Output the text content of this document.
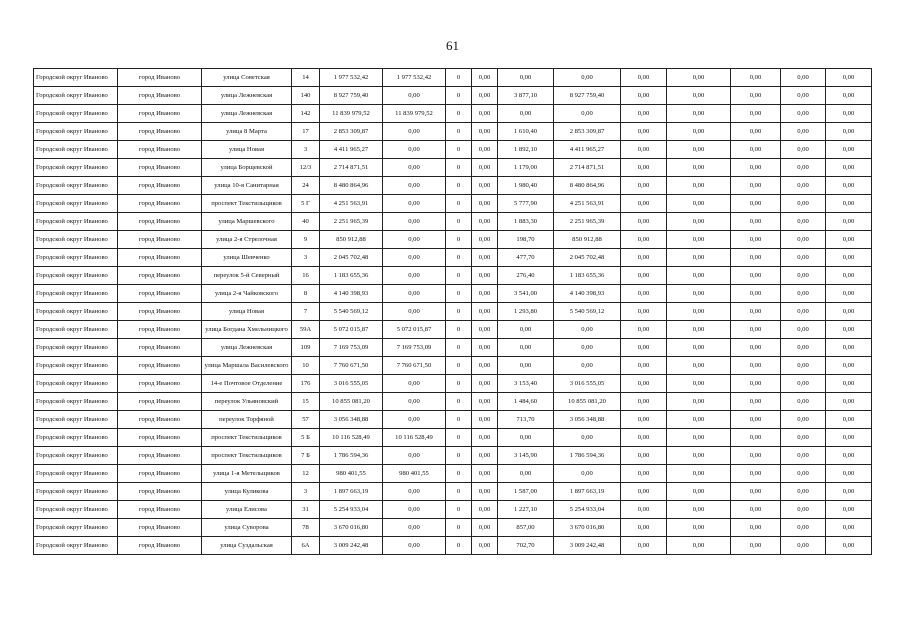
61
Городской округ Иваново	город Иваново	улица Советская	14	1 977 532,42	1 977 532,42	0	0,00	0,00	0,00	0,00	0,00	0,00	0,00	0,00
Городской округ Иваново	город Иваново	улица Лежневская	140	8 927 759,40	0,00	0	0,00	3 877,10	8 927 759,40	0,00	0,00	0,00	0,00	0,00
Городской округ Иваново	город Иваново	улица Лежневская	142	11 839 979,52	11 839 979,52	0	0,00	0,00	0,00	0,00	0,00	0,00	0,00	0,00
Городской округ Иваново	город Иваново	улица 8 Марта	17	2 853 309,87	0,00	0	0,00	1 610,40	2 853 309,87	0,00	0,00	0,00	0,00	0,00
Городской округ Иваново	город Иваново	улица Новая	3	4 411 965,27	0,00	0	0,00	1 892,10	4 411 965,27	0,00	0,00	0,00	0,00	0,00
Городской округ Иваново	город Иваново	улица Борщевской	12/3	2 714 871,51	0,00	0	0,00	1 179,00	2 714 871,51	0,00	0,00	0,00	0,00	0,00
Городской округ Иваново	город Иваново	улица 10-я Санитарная	24	8 480 864,96	0,00	0	0,00	1 980,40	8 480 864,96	0,00	0,00	0,00	0,00	0,00
Городской округ Иваново	город Иваново	проспект Текстильщиков	5 Г	4 251 563,91	0,00	0	0,00	5 777,90	4 251 563,91	0,00	0,00	0,00	0,00	0,00
Городской округ Иваново	город Иваново	улица Маршевского	40	2 251 965,39	0,00	0	0,00	1 883,30	2 251 965,39	0,00	0,00	0,00	0,00	0,00
Городской округ Иваново	город Иваново	улица 2-я Стрелочная	9	850 912,88	0,00	0	0,00	198,70	850 912,88	0,00	0,00	0,00	0,00	0,00
Городской округ Иваново	город Иваново	улица Шевченко	3	2 045 702,48	0,00	0	0,00	477,70	2 045 702,48	0,00	0,00	0,00	0,00	0,00
Городской округ Иваново	город Иваново	переулок 5-й Северный	16	1 183 655,36	0,00	0	0,00	276,40	1 183 655,36	0,00	0,00	0,00	0,00	0,00
Городской округ Иваново	город Иваново	улица 2-я Чайковского	8	4 140 398,93	0,00	0	0,00	3 541,00	4 140 398,93	0,00	0,00	0,00	0,00	0,00
Городской округ Иваново	город Иваново	улица Новая	7	5 540 569,12	0,00	0	0,00	1 293,80	5 540 569,12	0,00	0,00	0,00	0,00	0,00
Городской округ Иваново	город Иваново	улица Богдана Хмельницкого	59А	5 072 015,87	5 072 015,87	0	0,00	0,00	0,00	0,00	0,00	0,00	0,00	0,00
Городской округ Иваново	город Иваново	улица Лежневская	109	7 169 753,09	7 169 753,09	0	0,00	0,00	0,00	0,00	0,00	0,00	0,00	0,00
Городской округ Иваново	город Иваново	улица Маршала Василевского	10	7 760 671,50	7 760 671,50	0	0,00	0,00	0,00	0,00	0,00	0,00	0,00	0,00
Городской округ Иваново	город Иваново	14-е Почтовое Отделение	176	3 016 555,05	0,00	0	0,00	3 153,40	3 016 555,05	0,00	0,00	0,00	0,00	0,00
Городской округ Иваново	город Иваново	переулок Ульяновский	15	10 855 081,20	0,00	0	0,00	1 484,60	10 855 081,20	0,00	0,00	0,00	0,00	0,00
Городской округ Иваново	город Иваново	переулок Торфяной	57	3 056 348,88	0,00	0	0,00	713,70	3 056 348,88	0,00	0,00	0,00	0,00	0,00
Городской округ Иваново	город Иваново	проспект Текстильщиков	5 Б	10 116 528,49	10 116 528,49	0	0,00	0,00	0,00	0,00	0,00	0,00	0,00	0,00
Городской округ Иваново	город Иваново	проспект Текстильщиков	7 Б	1 786 594,36	0,00	0	0,00	3 145,90	1 786 594,36	0,00	0,00	0,00	0,00	0,00
Городской округ Иваново	город Иваново	улица 1-я Метельщиков	12	980 401,55	980 401,55	0	0,00	0,00	0,00	0,00	0,00	0,00	0,00	0,00
Городской округ Иваново	город Иваново	улица Куликова	3	1 897 663,19	0,00	0	0,00	1 587,00	1 897 663,19	0,00	0,00	0,00	0,00	0,00
Городской округ Иваново	город Иваново	улица Елисова	31	5 254 933,04	0,00	0	0,00	1 227,10	5 254 933,04	0,00	0,00	0,00	0,00	0,00
Городской округ Иваново	город Иваново	улица Суворова	78	3 670 016,80	0,00	0	0,00	857,00	3 670 016,80	0,00	0,00	0,00	0,00	0,00
Городской округ Иваново	город Иваново	улица Суздальская	6А	3 009 242,48	0,00	0	0,00	702,70	3 009 242,48	0,00	0,00	0,00	0,00	0,00
